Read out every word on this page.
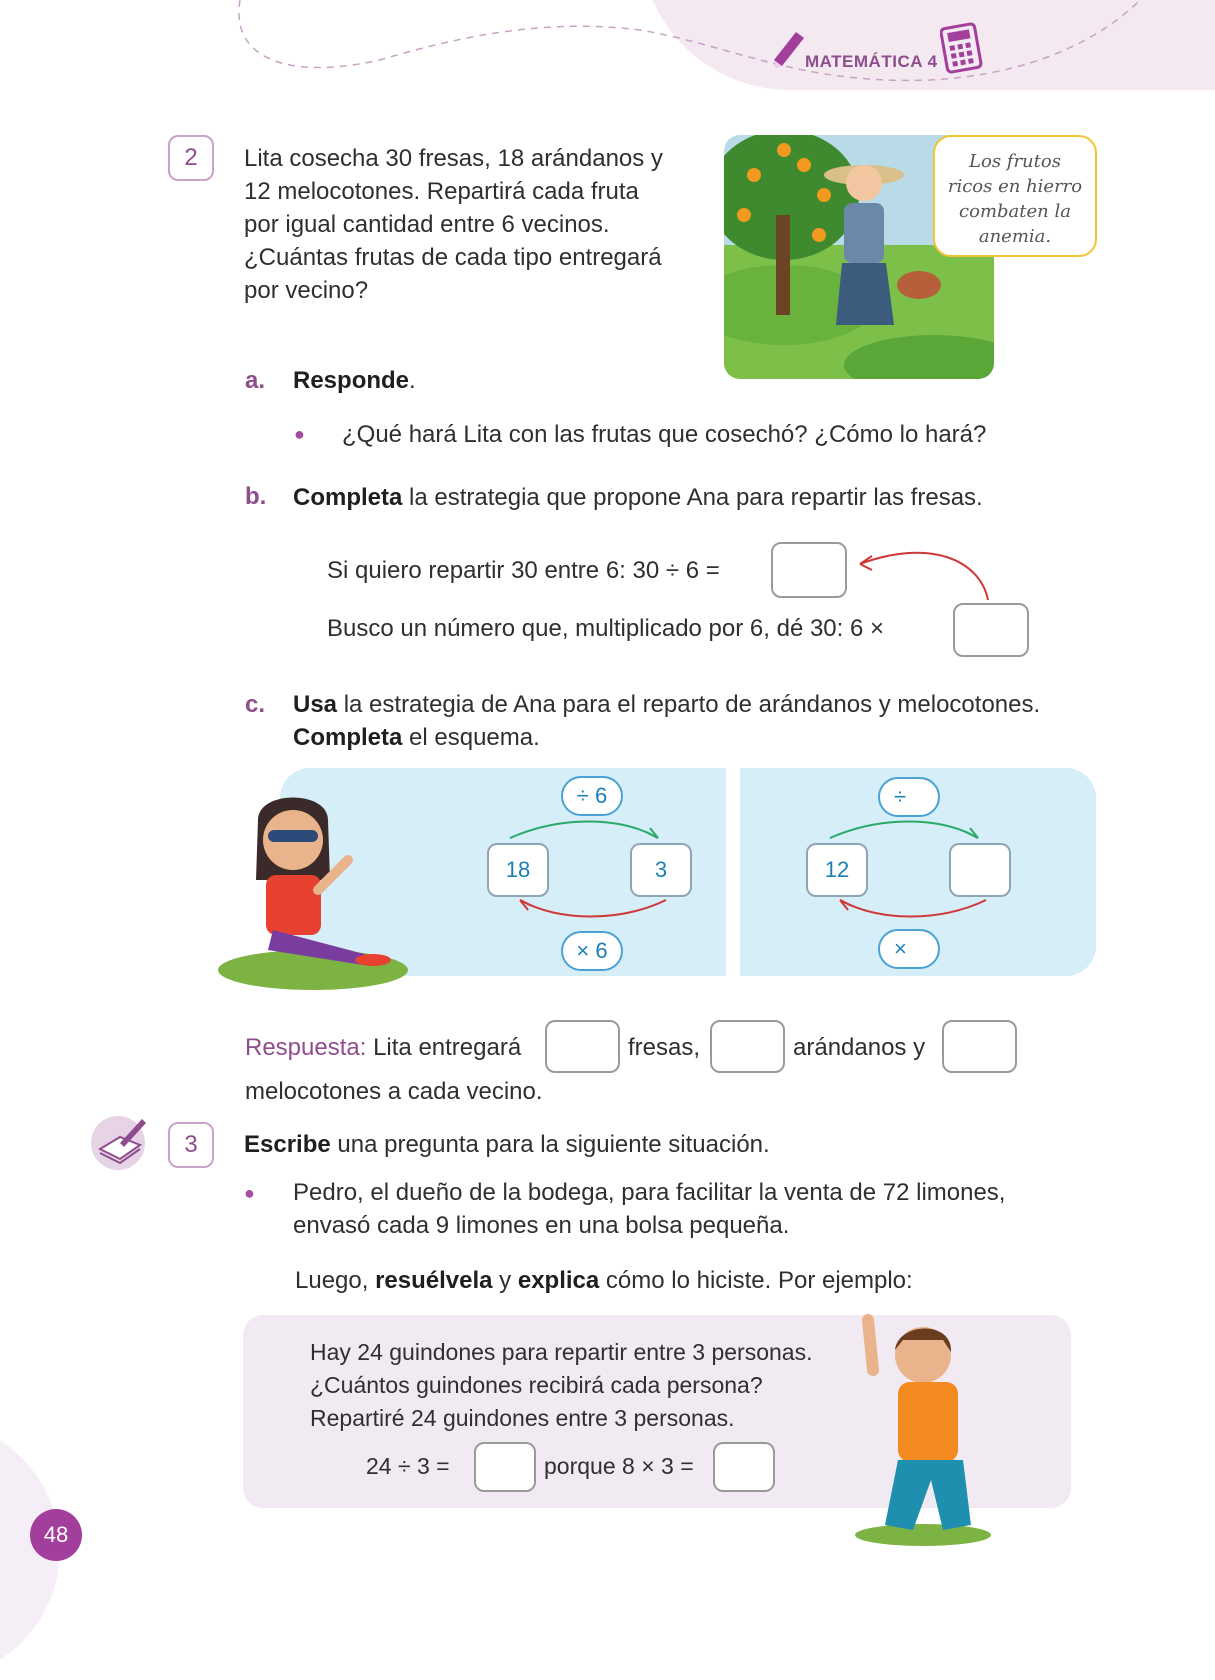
MATEMÁTICA 4
2	Lita cosecha 30 fresas, 18 arándanos y
12 melocotones. Repartirá cada fruta
por igual cantidad entre 6 vecinos.
¿Cuántas frutas de cada tipo entregará
por vecino?
Los frutos
ricos en hierro
combaten la
anemia.
a. Responde.
● ¿Qué hará Lita con las frutas que cosechó? ¿Cómo lo hará?
b. Completa la estrategia que propone Ana para repartir las fresas.
Si quiero repartir 30 entre 6: 30 ÷ 6 =
Busco un número que, multiplicado por 6, dé 30: 6 ×
c. Usa la estrategia de Ana para el reparto de arándanos y melocotones.
Completa el esquema.
÷ 6
18	3
× 6
÷
12
×
Respuesta: Lita entregará	fresas,	arándanos y
melocotones a cada vecino.
3	Escribe una pregunta para la siguiente situación.
● Pedro, el dueño de la bodega, para facilitar la venta de 72 limones,
envasó cada 9 limones en una bolsa pequeña.
Luego, resuélvela y explica cómo lo hiciste. Por ejemplo:
Hay 24 guindones para repartir entre 3 personas.
¿Cuántos guindones recibirá cada persona?
Repartiré 24 guindones entre 3 personas.
24 ÷ 3 =	porque 8 × 3 =
48
